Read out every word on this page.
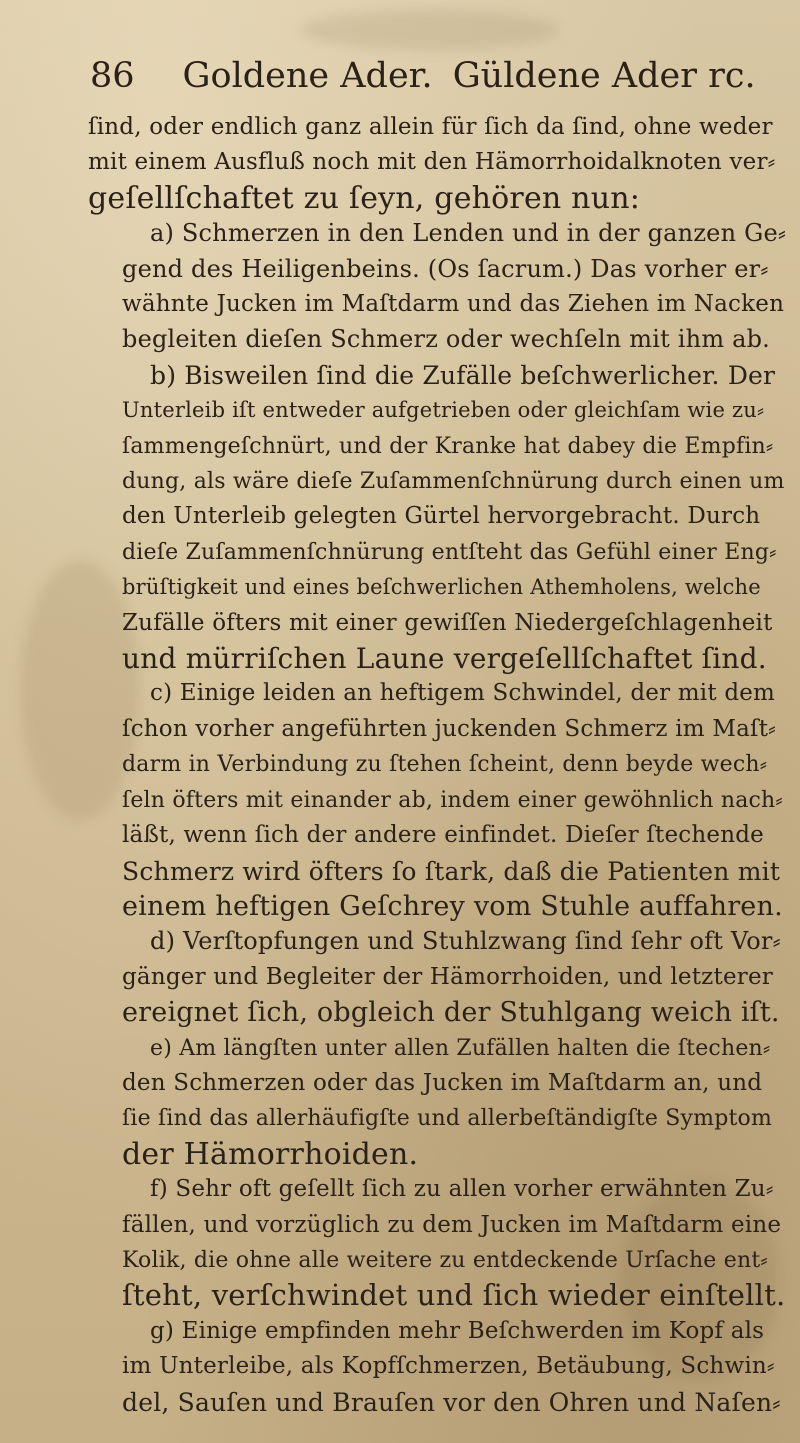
86 Goldene Ader. Güldene Ader rc.
ſind, oder endlich ganz allein für ſich da ſind, ohne weder
mit einem Ausfluß noch mit den Hämorrhoidalknoten ver⸗
geſellſchaftet zu ſeyn, gehören nun:
a) Schmerzen in den Lenden und in der ganzen Ge⸗
gend des Heiligenbeins. (Os ſacrum.) Das vorher er⸗
wähnte Jucken im Maſtdarm und das Ziehen im Nacken
begleiten dieſen Schmerz oder wechſeln mit ihm ab.
b) Bisweilen ſind die Zufälle beſchwerlicher. Der
Unterleib iſt entweder aufgetrieben oder gleichſam wie zu⸗
ſammengeſchnürt, und der Kranke hat dabey die Empfin⸗
dung, als wäre dieſe Zuſammenſchnürung durch einen um
den Unterleib gelegten Gürtel hervorgebracht. Durch
dieſe Zuſammenſchnürung entſteht das Gefühl einer Eng⸗
brüſtigkeit und eines beſchwerlichen Athemholens, welche
Zufälle öfters mit einer gewiſſen Niedergeſchlagenheit
und mürriſchen Laune vergeſellſchaftet ſind.
c) Einige leiden an heftigem Schwindel, der mit dem
ſchon vorher angeführten juckenden Schmerz im Maſt⸗
darm in Verbindung zu ſtehen ſcheint, denn beyde wech⸗
ſeln öfters mit einander ab, indem einer gewöhnlich nach⸗
läßt, wenn ſich der andere einfindet. Dieſer ſtechende
Schmerz wird öfters ſo ſtark, daß die Patienten mit
einem heftigen Geſchrey vom Stuhle auffahren.
d) Verſtopfungen und Stuhlzwang ſind ſehr oft Vor⸗
gänger und Begleiter der Hämorrhoiden, und letzterer
ereignet ſich, obgleich der Stuhlgang weich iſt.
e) Am längſten unter allen Zufällen halten die ſtechen⸗
den Schmerzen oder das Jucken im Maſtdarm an, und
ſie ſind das allerhäufigſte und allerbeſtändigſte Symptom
der Hämorrhoiden.
f) Sehr oft geſellt ſich zu allen vorher erwähnten Zu⸗
fällen, und vorzüglich zu dem Jucken im Maſtdarm eine
Kolik, die ohne alle weitere zu entdeckende Urſache ent⸗
ſteht, verſchwindet und ſich wieder einſtellt.
g) Einige empfinden mehr Beſchwerden im Kopf als
im Unterleibe, als Kopfſchmerzen, Betäubung, Schwin⸗
del, Sauſen und Brauſen vor den Ohren und Naſen⸗
